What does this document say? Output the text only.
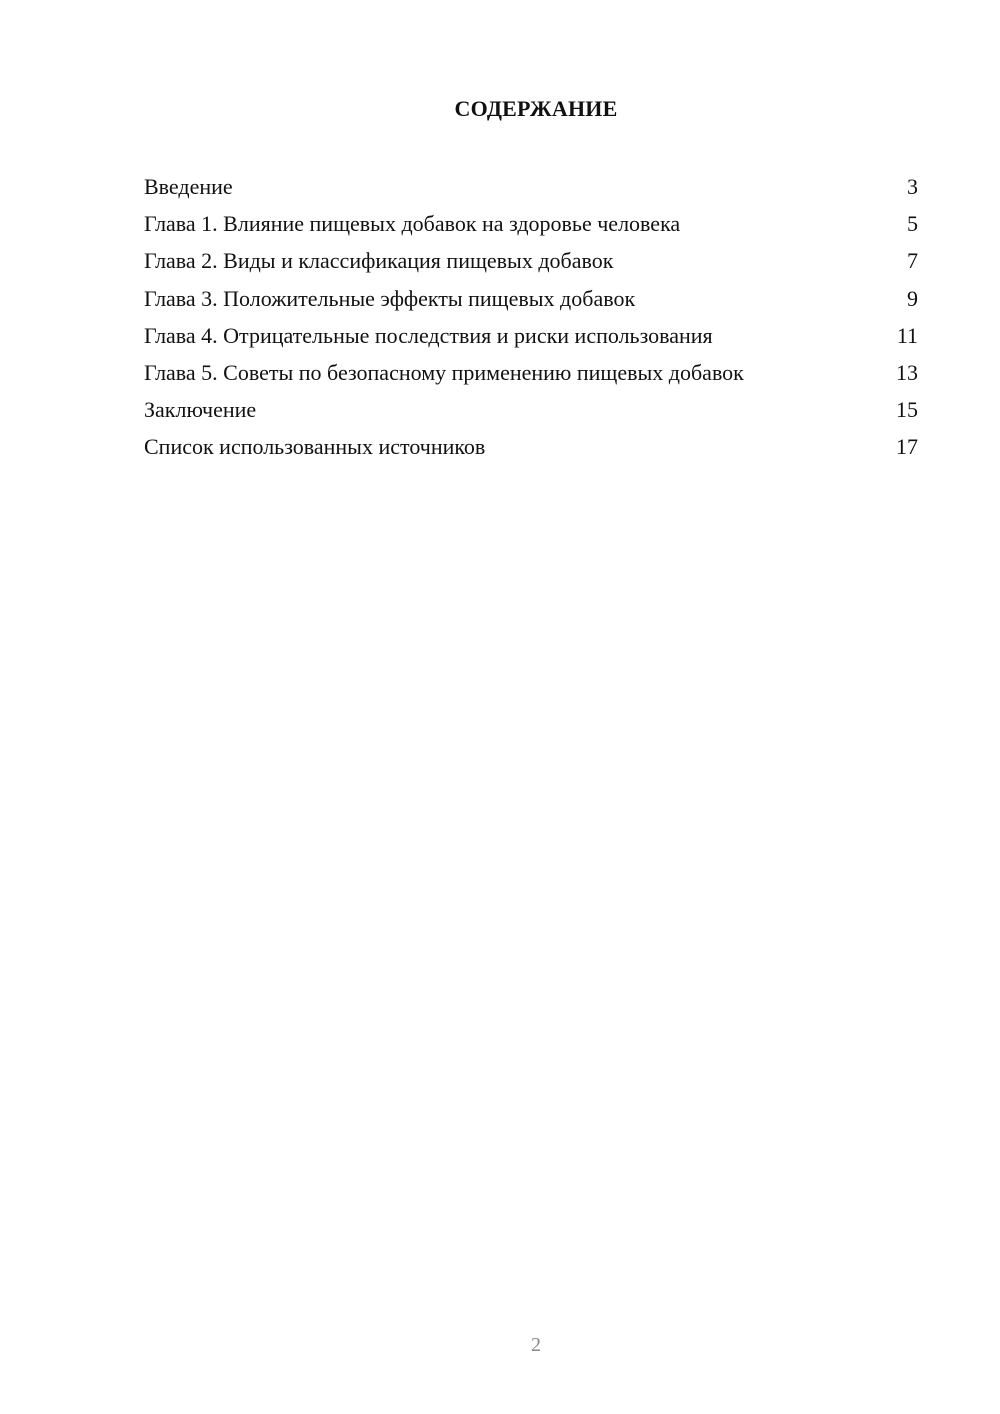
СОДЕРЖАНИЕ
Введение	3
Глава 1. Влияние пищевых добавок на здоровье человека	5
Глава 2. Виды и классификация пищевых добавок	7
Глава 3. Положительные эффекты пищевых добавок	9
Глава 4. Отрицательные последствия и риски использования	11
Глава 5. Советы по безопасному применению пищевых добавок	13
Заключение	15
Список использованных источников	17
2
